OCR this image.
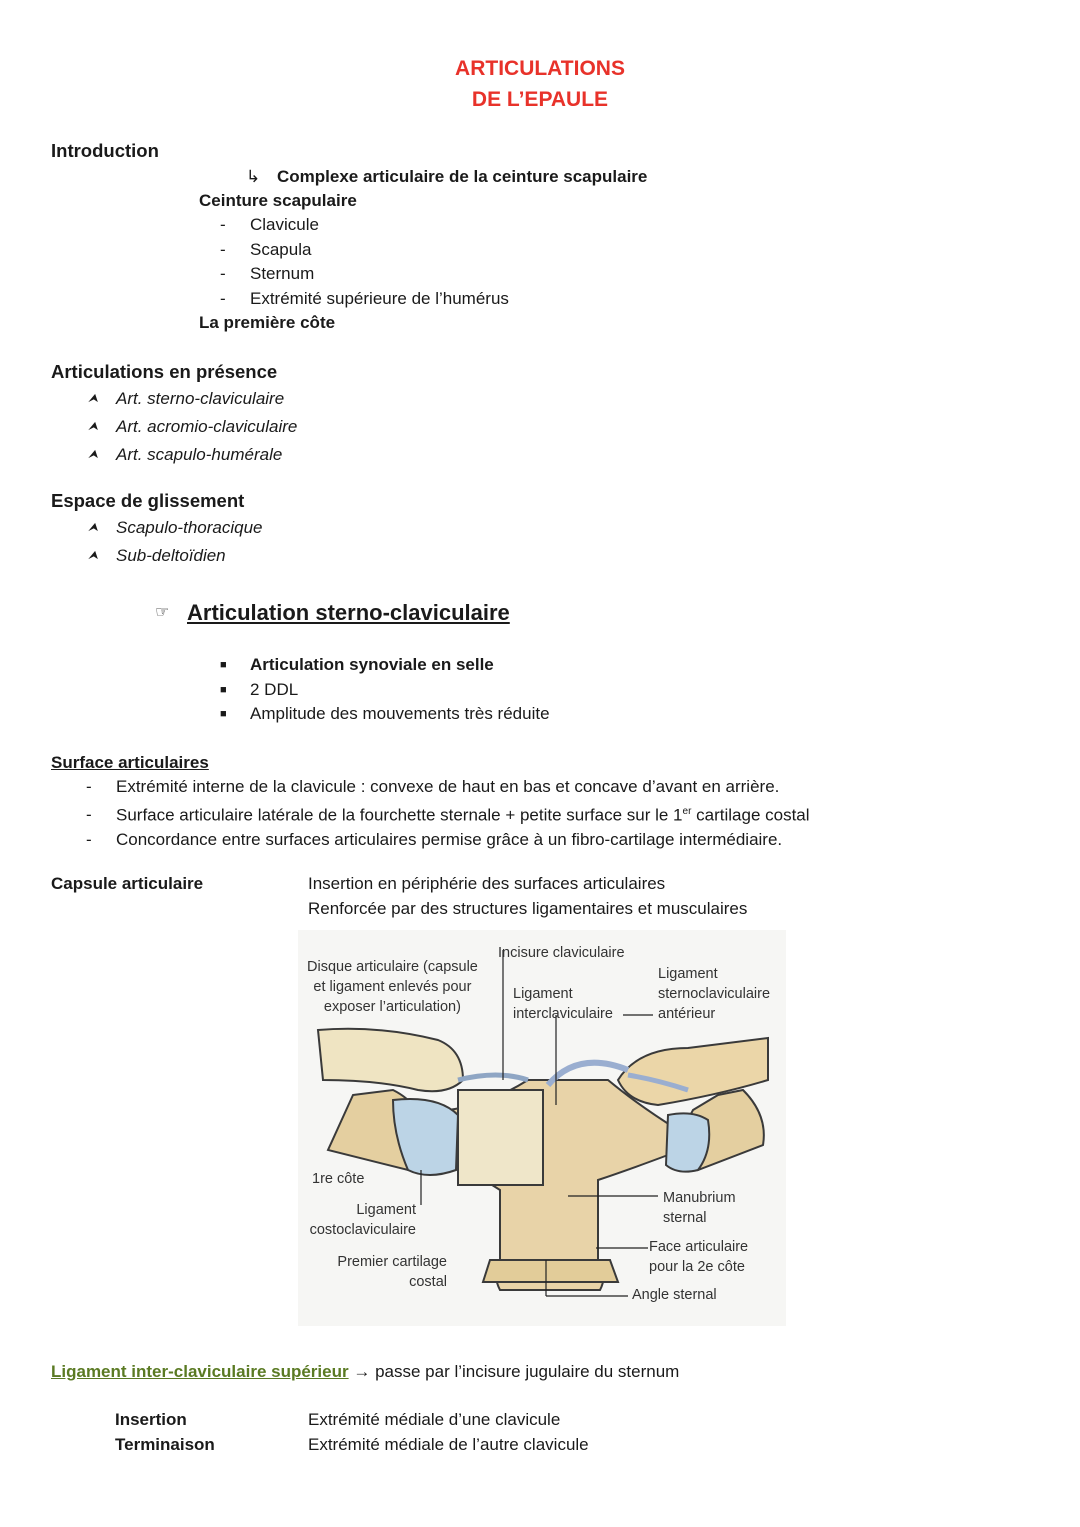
ARTICULATIONS
DE L’EPAULE
Introduction
↳ Complexe articulaire de la ceinture scapulaire
Ceinture scapulaire
- Clavicule
- Scapula
- Sternum
- Extrémité supérieure de l’humérus
La première côte
Articulations en présence
⮝ Art. sterno-claviculaire
⮝ Art. acromio-claviculaire
⮝ Art. scapulo-humérale
Espace de glissement
⮝ Scapulo-thoracique
⮝ Sub-deltoïdien
☞ Articulation sterno-claviculaire
■ Articulation synoviale en selle
■ 2 DDL
■ Amplitude des mouvements très réduite
Surface articulaires
- Extrémité interne de la clavicule : convexe de haut en bas et concave d’avant en arrière.
- Surface articulaire latérale de la fourchette sternale + petite surface sur le 1er cartilage costal
- Concordance entre surfaces articulaires permise grâce à un fibro-cartilage intermédiaire.
Capsule articulaire	Insertion en périphérie des surfaces articulaires
Renforcée par des structures ligamentaires et musculaires
Disque articulaire (capsule
et ligament enlevés pour
exposer l’articulation)
Incisure claviculaire
Ligament
interclaviculaire
Ligament
sternoclaviculaire
antérieur
1re côte
Ligament
costoclaviculaire
Premier cartilage
costal
Manubrium
sternal
Face articulaire
pour la 2e côte
Angle sternal
Ligament inter-claviculaire supérieur → passe par l’incisure jugulaire du sternum
Insertion	Extrémité médiale d’une clavicule
Terminaison	Extrémité médiale de l’autre clavicule
